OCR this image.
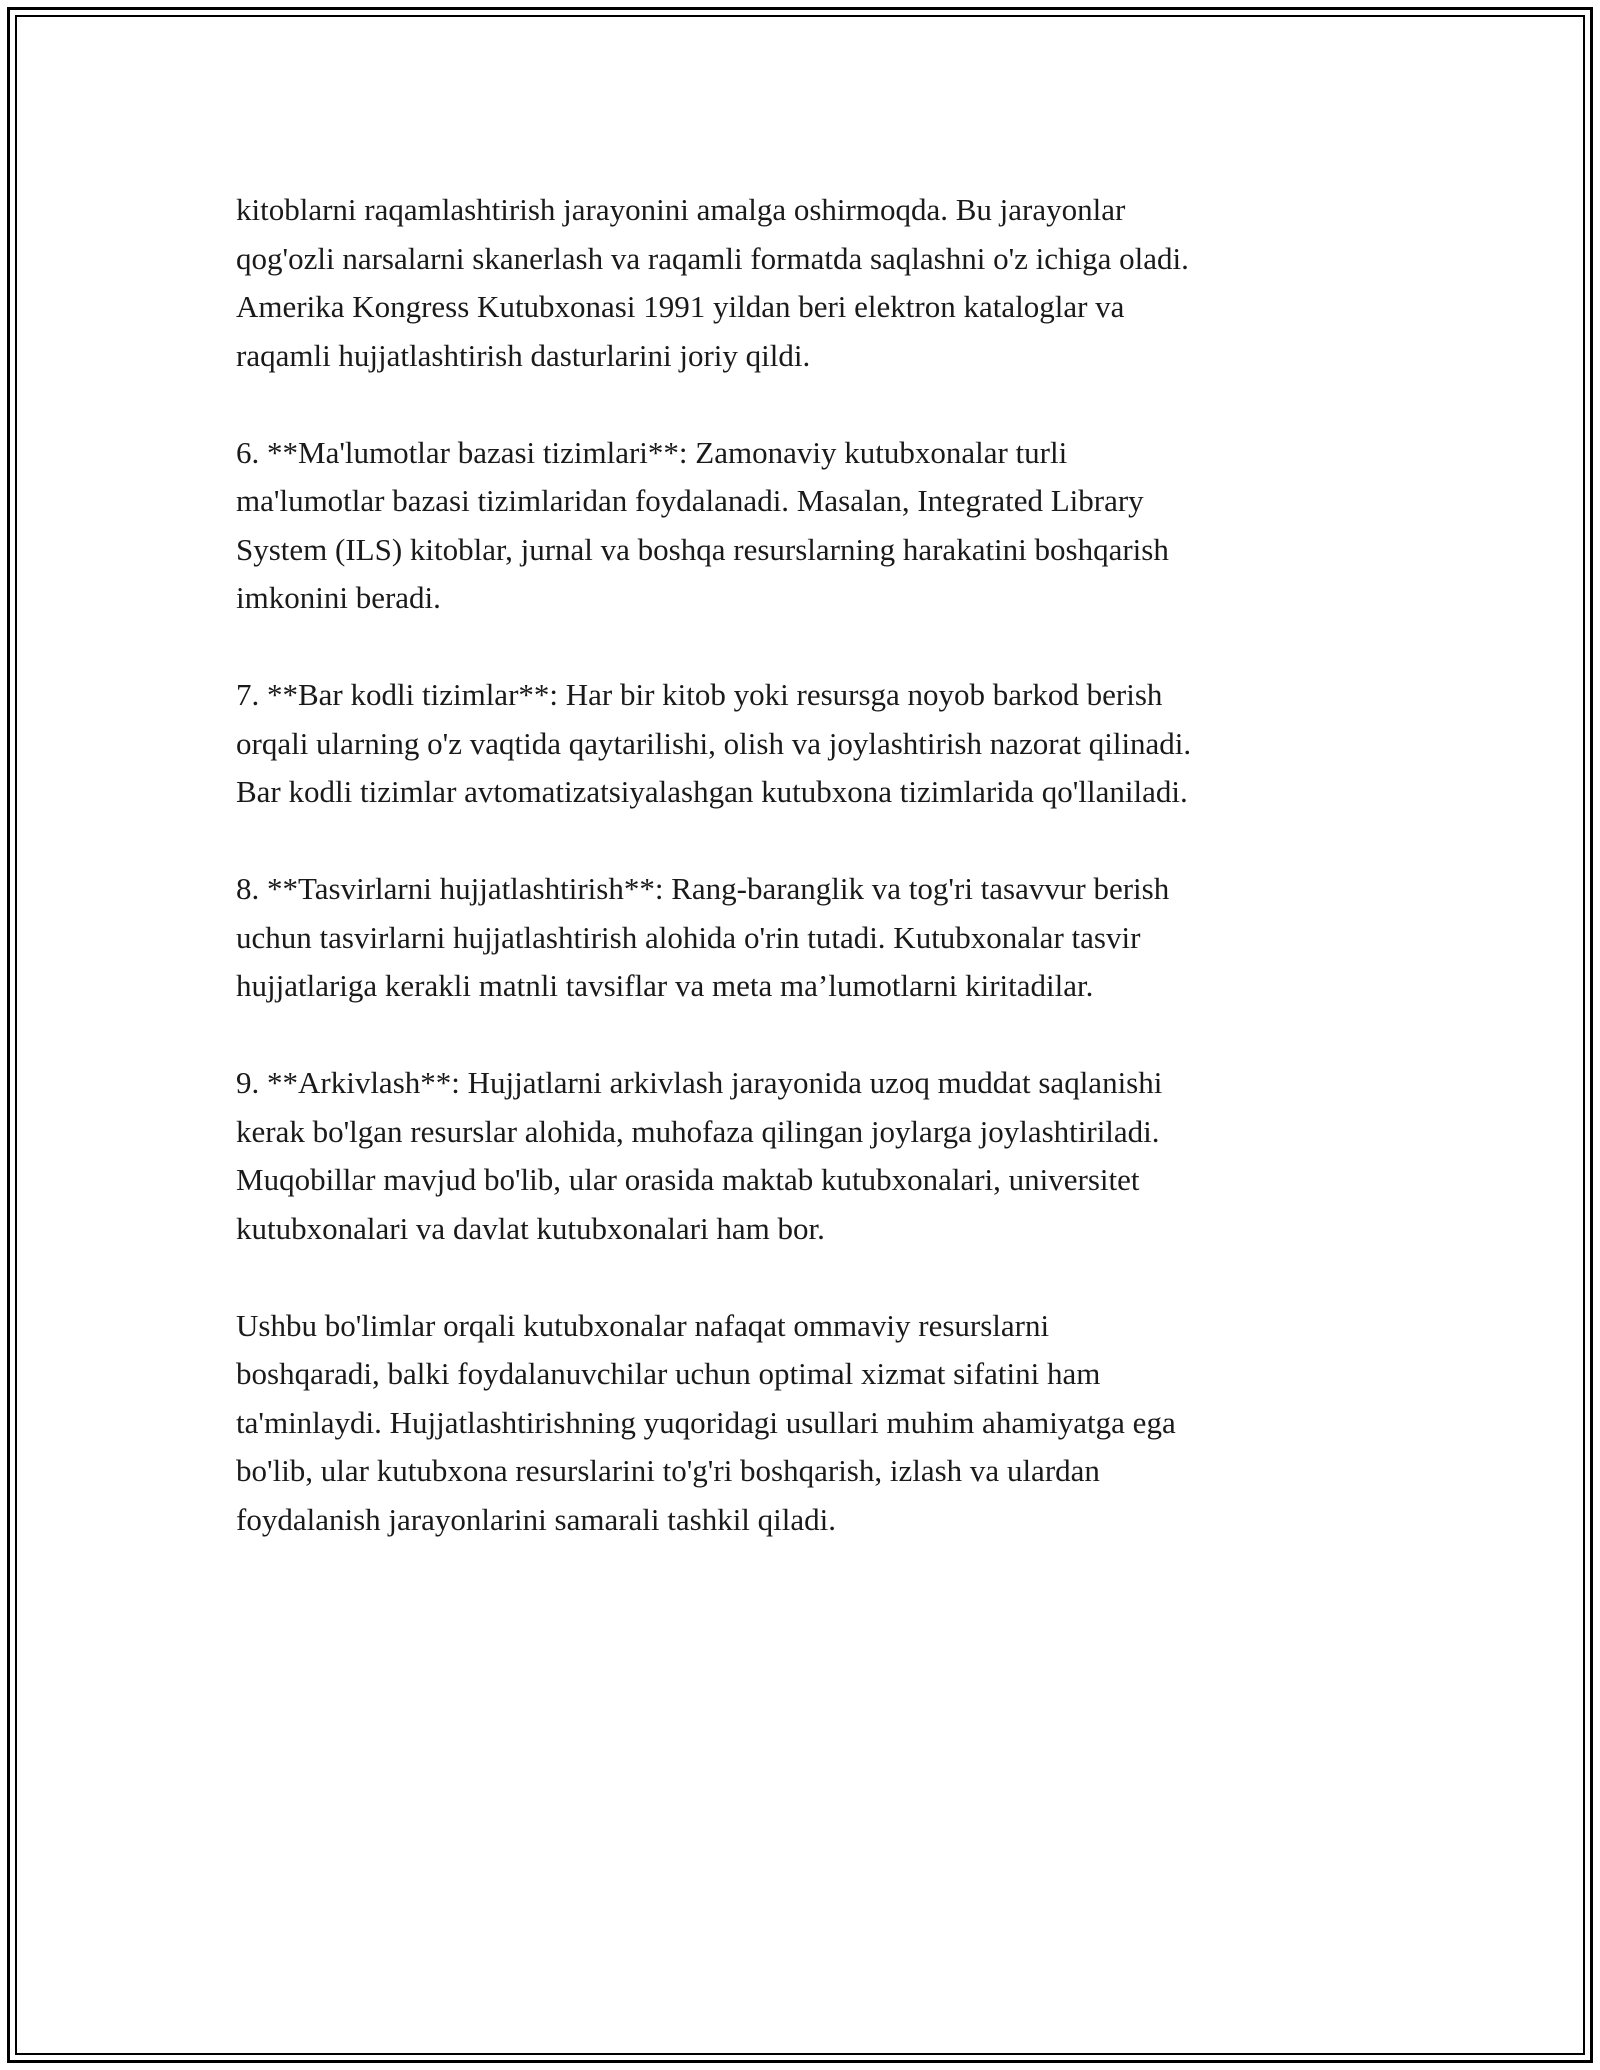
kitoblarni raqamlashtirish jarayonini amalga oshirmoqda. Bu jarayonlar
qog'ozli narsalarni skanerlash va raqamli formatda saqlashni o'z ichiga oladi.
Amerika Kongress Kutubxonasi 1991 yildan beri elektron kataloglar va
raqamli hujjatlashtirish dasturlarini joriy qildi.

6. **Ma'lumotlar bazasi tizimlari**: Zamonaviy kutubxonalar turli
ma'lumotlar bazasi tizimlaridan foydalanadi. Masalan, Integrated Library
System (ILS) kitoblar, jurnal va boshqa resurslarning harakatini boshqarish
imkonini beradi.

7. **Bar kodli tizimlar**: Har bir kitob yoki resursga noyob barkod berish
orqali ularning o'z vaqtida qaytarilishi, olish va joylashtirish nazorat qilinadi.
Bar kodli tizimlar avtomatizatsiyalashgan kutubxona tizimlarida qo'llaniladi.

8. **Tasvirlarni hujjatlashtirish**: Rang-baranglik va tog'ri tasavvur berish
uchun tasvirlarni hujjatlashtirish alohida o'rin tutadi. Kutubxonalar tasvir
hujjatlariga kerakli matnli tavsiflar va meta ma’lumotlarni kiritadilar.

9. **Arkivlash**: Hujjatlarni arkivlash jarayonida uzoq muddat saqlanishi
kerak bo'lgan resurslar alohida, muhofaza qilingan joylarga joylashtiriladi.
Muqobillar mavjud bo'lib, ular orasida maktab kutubxonalari, universitet
kutubxonalari va davlat kutubxonalari ham bor.

Ushbu bo'limlar orqali kutubxonalar nafaqat ommaviy resurslarni
boshqaradi, balki foydalanuvchilar uchun optimal xizmat sifatini ham
ta'minlaydi. Hujjatlashtirishning yuqoridagi usullari muhim ahamiyatga ega
bo'lib, ular kutubxona resurslarini to'g'ri boshqarish, izlash va ulardan
foydalanish jarayonlarini samarali tashkil qiladi.
